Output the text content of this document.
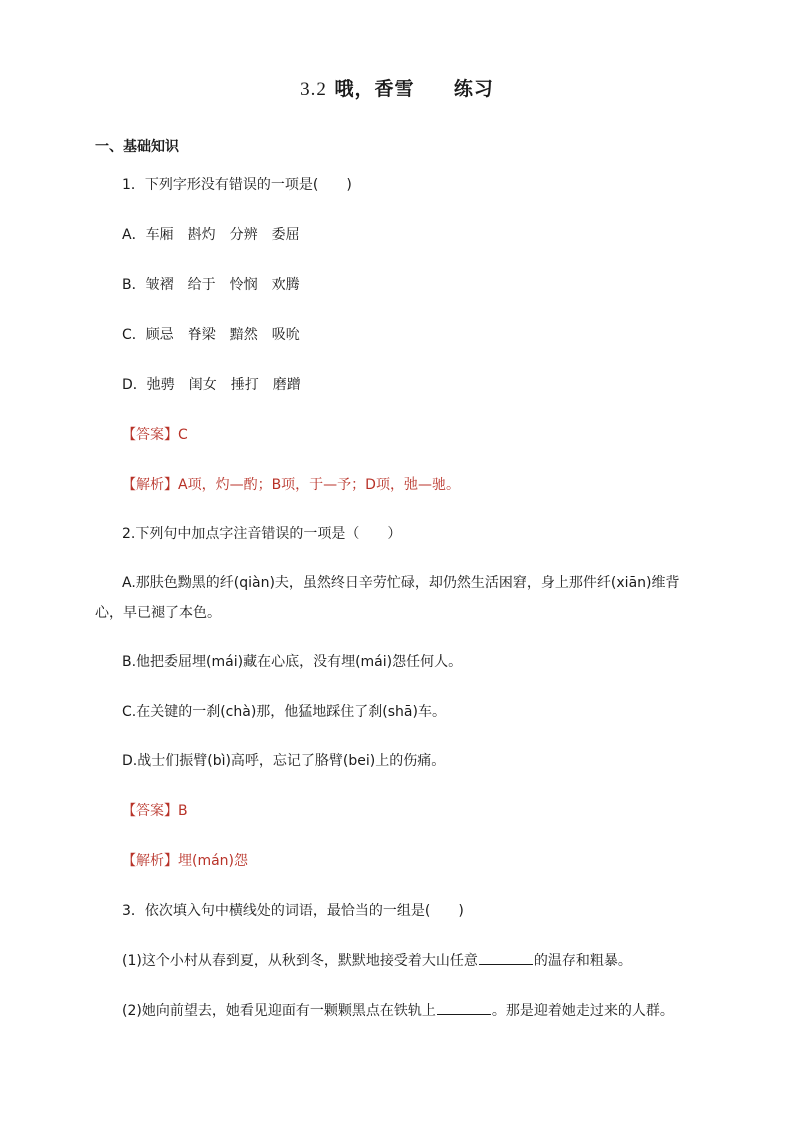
3.2 哦，香雪 练习
一、基础知识
1．下列字形没有错误的一项是(　　)
A．车厢　斟灼　分辨　委屈
B．皱褶　给于　怜悯　欢腾
C．顾忌　脊梁　黯然　吸吮
D．弛骋　闺女　捶打　磨蹭
【答案】C
【解析】A项，灼—酌；B项，于—予；D项，弛—驰。
2.下列句中加点字注音错误的一项是（　　）
A.那肤色黝黑的纤(qiàn)夫，虽然终日辛劳忙碌，却仍然生活困窘，身上那件纤(xiān)维背心，早已褪了本色。
B.他把委屈埋(mái)藏在心底，没有埋(mái)怨任何人。
C.在关键的一刹(chà)那，他猛地踩住了刹(shā)车。
D.战士们振臂(bì)高呼，忘记了胳臂(bei)上的伤痛。
【答案】B
【解析】埋(mán)怨
3．依次填入句中横线处的词语，最恰当的一组是(　　)
(1)这个小村从春到夏，从秋到冬，默默地接受着大山任意	的温存和粗暴。
(2)她向前望去，她看见迎面有一颗颗黑点在铁轨上	。那是迎着她走过来的人群。
